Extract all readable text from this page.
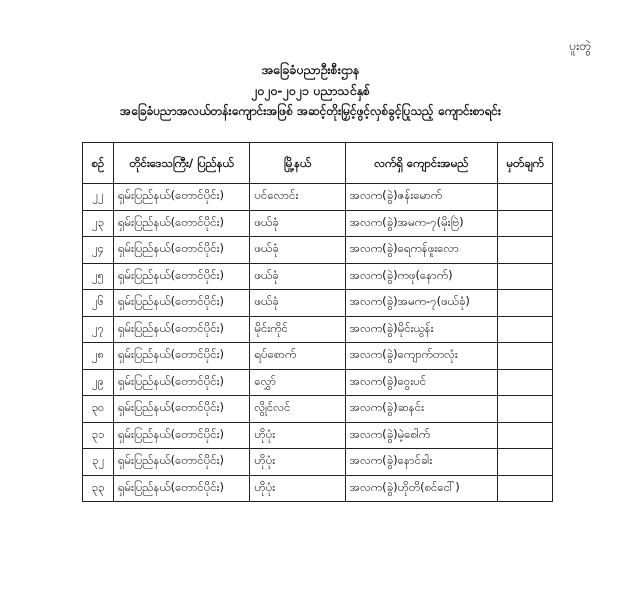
ပူးတွဲ
အခြေခံပညာဦးစီးဌာန
၂၀၂၀-၂၀၂၁ ပညာသင်နှစ်
အခြေခံပညာအလယ်တန်းကျောင်းအဖြစ် အဆင့်တိုးမြှင့်ဖွင့်လှစ်ခွင့်ပြုသည့် ကျောင်းစာရင်း
စဉ်	တိုင်းဒေသကြီး/ ပြည်နယ်	မြို့နယ်	လက်ရှိ ကျောင်းအမည်	မှတ်ချက်
၂၂	ရှမ်းပြည်နယ်(တောင်ပိုင်း)	ပင်လောင်း	အလက(ခွဲ)ဇန်းမောက်	
၂၃	ရှမ်းပြည်နယ်(တောင်ပိုင်း)	ဖယ်ခုံ	အလက(ခွဲ)အမက-၇(မိုးဗြဲ)	
၂၄	ရှမ်းပြည်နယ်(တောင်ပိုင်း)	ဖယ်ခုံ	အလက(ခွဲ)ရေကန်ဖူးလော	
၂၅	ရှမ်းပြည်နယ်(တောင်ပိုင်း)	ဖယ်ခုံ	အလက(ခွဲ)ကဖု(နောက်)	
၂၆	ရှမ်းပြည်နယ်(တောင်ပိုင်း)	ဖယ်ခုံ	အလက(ခွဲ)အမက-၇(ဖယ်ခုံ)	
၂၇	ရှမ်းပြည်နယ်(တောင်ပိုင်း)	မိုင်းကိုင်	အလက(ခွဲ)မိုင်းယွန်း	
၂၈	ရှမ်းပြည်နယ်(တောင်ပိုင်း)	ရပ်စောက်	အလက(ခွဲ)ကျောက်တလုံး	
၂၉	ရှမ်းပြည်နယ်(တောင်ပိုင်း)	လွှော်	အလက(ခွဲ)ဝွေးပင်	
၃၀	ရှမ်းပြည်နယ်(တောင်ပိုင်း)	လွိုင်လင်	အလက(ခွဲ)ဆနင်း	
၃၁	ရှမ်းပြည်နယ်(တောင်ပိုင်း)	ဟိုပုံး	အလက(ခွဲ)မဲ့စေါက်	
၃၂	ရှမ်းပြည်နယ်(တောင်ပိုင်း)	ဟိုပုံး	အလက(ခွဲ)နောင်ခါး	
၃၃	ရှမ်းပြည်နယ်(တောင်ပိုင်း)	ဟိုပုံး	အလက(ခွဲ)ဟိုတိ(စင်ငေါ်)	
